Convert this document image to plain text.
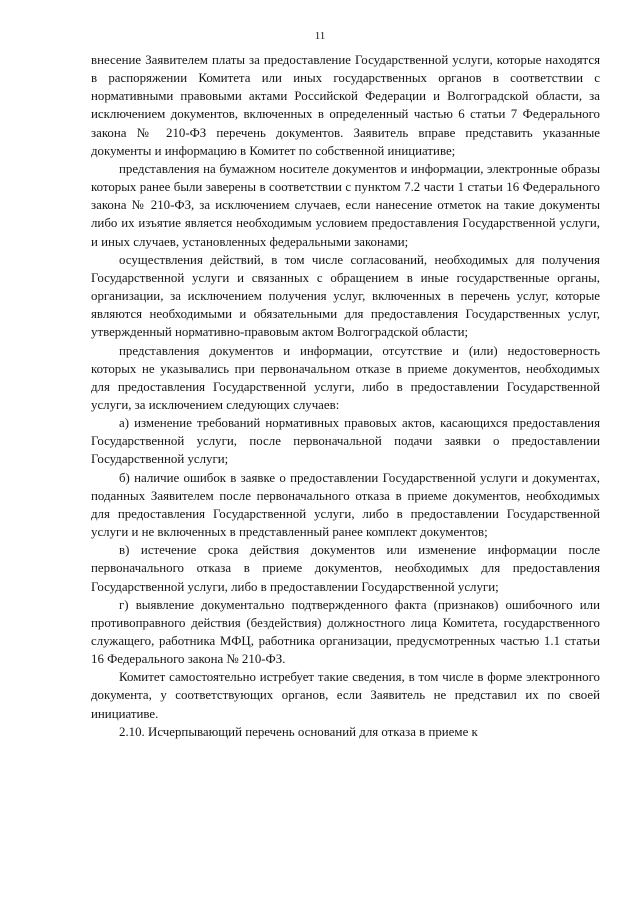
11

внесение Заявителем платы за предоставление Государственной услуги, которые находятся в распоряжении Комитета или иных государственных органов в соответствии с нормативными правовыми актами Российской Федерации и Волгоградской области, за исключением документов, включенных в определенный частью 6 статьи 7 Федерального закона № 210-ФЗ перечень документов. Заявитель вправе представить указанные документы и информацию в Комитет по собственной инициативе;

представления на бумажном носителе документов и информации, электронные образы которых ранее были заверены в соответствии с пунктом 7.2 части 1 статьи 16 Федерального закона № 210-ФЗ, за исключением случаев, если нанесение отметок на такие документы либо их изъятие является необходимым условием предоставления Государственной услуги, и иных случаев, установленных федеральными законами;

осуществления действий, в том числе согласований, необходимых для получения Государственной услуги и связанных с обращением в иные государственные органы, организации, за исключением получения услуг, включенных в перечень услуг, которые являются необходимыми и обязательными для предоставления Государственных услуг, утвержденный нормативно-правовым актом Волгоградской области;

представления документов и информации, отсутствие и (или) недостоверность которых не указывались при первоначальном отказе в приеме документов, необходимых для предоставления Государственной услуги, либо в предоставлении Государственной услуги, за исключением следующих случаев:

а) изменение требований нормативных правовых актов, касающихся предоставления Государственной услуги, после первоначальной подачи заявки о предоставлении Государственной услуги;

б) наличие ошибок в заявке о предоставлении Государственной услуги и документах, поданных Заявителем после первоначального отказа в приеме документов, необходимых для предоставления Государственной услуги, либо в предоставлении Государственной услуги и не включенных в представленный ранее комплект документов;

в) истечение срока действия документов или изменение информации после первоначального отказа в приеме документов, необходимых для предоставления Государственной услуги, либо в предоставлении Государственной услуги;

г) выявление документально подтвержденного факта (признаков) ошибочного или противоправного действия (бездействия) должностного лица Комитета, государственного служащего, работника МФЦ, работника организации, предусмотренных частью 1.1 статьи 16 Федерального закона № 210-ФЗ.

Комитет самостоятельно истребует такие сведения, в том числе в форме электронного документа, у соответствующих органов, если Заявитель не представил их по своей инициативе.

2.10. Исчерпывающий перечень оснований для отказа в приеме к
